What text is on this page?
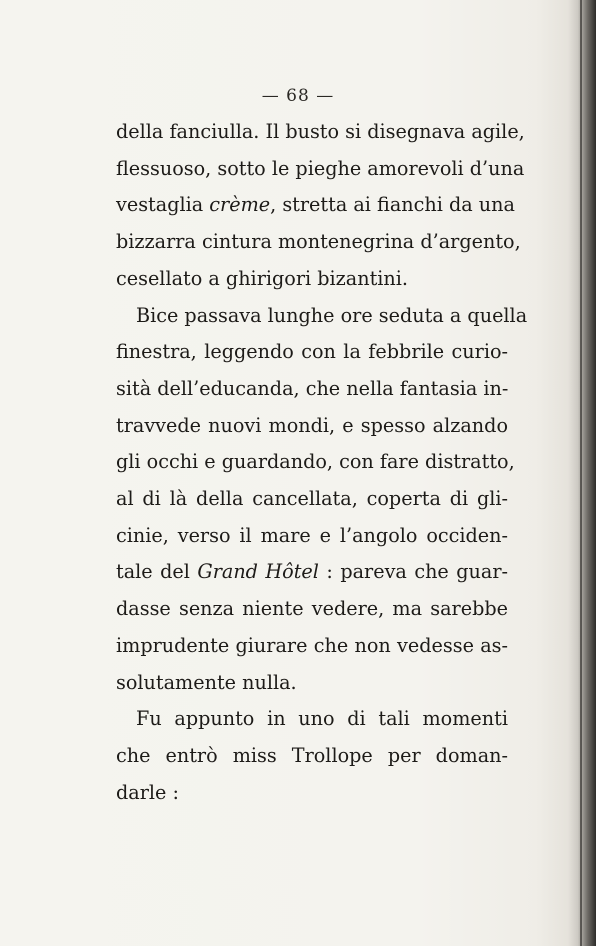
— 68 —

della fanciulla. Il busto si disegnava agile,
flessuoso, sotto le pieghe amorevoli d’una
vestaglia crème, stretta ai fianchi da una
bizzarra cintura montenegrina d’argento,
cesellato a ghirigori bizantini.

Bice passava lunghe ore seduta a quella
finestra, leggendo con la febbrile curio-
sità dell’educanda, che nella fantasia in-
travvede nuovi mondi, e spesso alzando
gli occhi e guardando, con fare distratto,
al di là della cancellata, coperta di gli-
cinie, verso il mare e l’angolo occiden-
tale del Grand Hôtel : pareva che guar-
dasse senza niente vedere, ma sarebbe
imprudente giurare che non vedesse as-
solutamente nulla.

Fu appunto in uno di tali momenti
che entrò miss Trollope per doman-
darle :
